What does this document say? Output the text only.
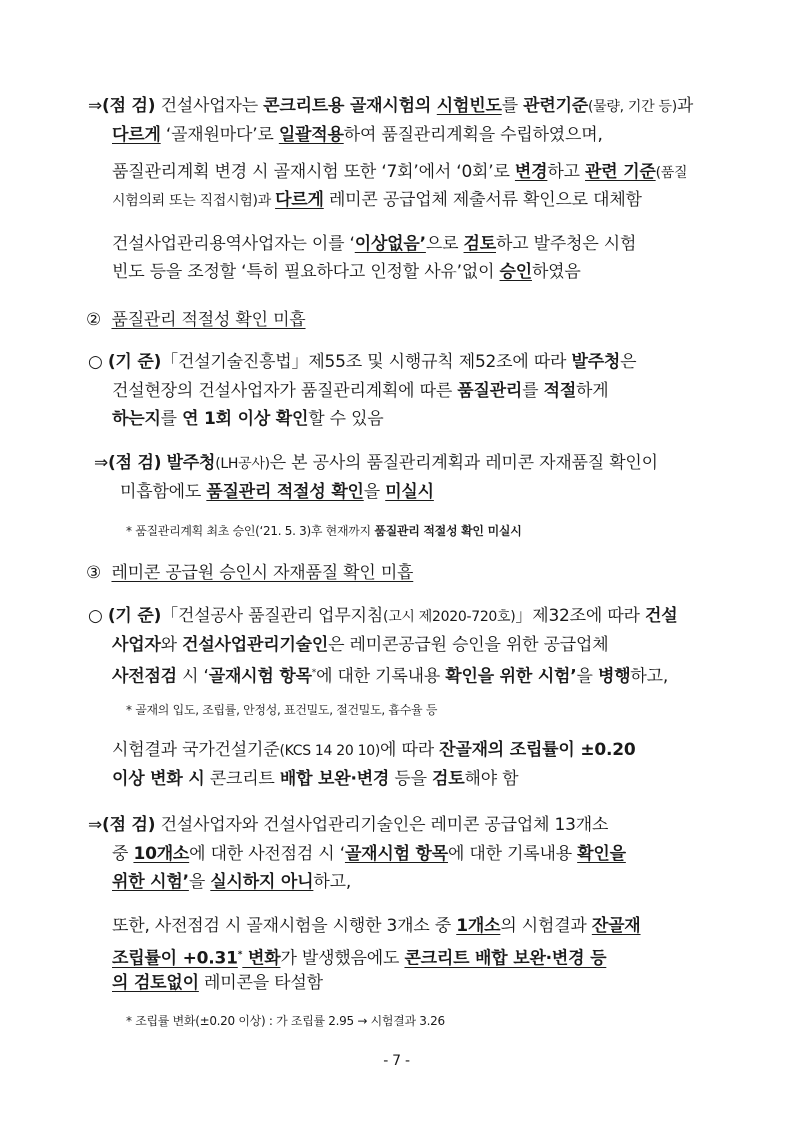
⇒(점 검) 건설사업자는 콘크리트용 골재시험의 시험빈도를 관련기준(물량, 기간 등)과
다르게 ‘골재원마다’로 일괄적용하여 품질관리계획을 수립하였으며,
품질관리계획 변경 시 골재시험 또한 ‘7회’에서 ‘0회’로 변경하고 관련 기준(품질
시험의뢰 또는 직접시험)과 다르게 레미콘 공급업체 제출서류 확인으로 대체함
건설사업관리용역사업자는 이를 ‘이상없음’으로 검토하고 발주청은 시험
빈도 등을 조정할 ‘특히 필요하다고 인정할 사유’없이 승인하였음
② 품질관리 적절성 확인 미흡
○ (기 준)「건설기술진흥법」제55조 및 시행규칙 제52조에 따라 발주청은
건설현장의 건설사업자가 품질관리계획에 따른 품질관리를 적절하게
하는지를 연 1회 이상 확인할 수 있음
⇒(점 검) 발주청(LH공사)은 본 공사의 품질관리계획과 레미콘 자재품질 확인이
미흡함에도 품질관리 적절성 확인을 미실시
* 품질관리계획 최초 승인(‘21. 5. 3)후 현재까지 품질관리 적절성 확인 미실시
③ 레미콘 공급원 승인시 자재품질 확인 미흡
○ (기 준)「건설공사 품질관리 업무지침(고시 제2020-720호)」제32조에 따라 건설
사업자와 건설사업관리기술인은 레미콘공급원 승인을 위한 공급업체
사전점검 시 ‘골재시험 항목*에 대한 기록내용 확인을 위한 시험’을 병행하고,
* 골재의 입도, 조립률, 안정성, 표건밀도, 절건밀도, 흡수율 등
시험결과 국가건설기준(KCS 14 20 10)에 따라 잔골재의 조립률이 ±0.20
이상 변화 시 콘크리트 배합 보완·변경 등을 검토해야 함
⇒(점 검) 건설사업자와 건설사업관리기술인은 레미콘 공급업체 13개소
중 10개소에 대한 사전점검 시 ‘골재시험 항목에 대한 기록내용 확인을
위한 시험’을 실시하지 아니하고,
또한, 사전점검 시 골재시험을 시행한 3개소 중 1개소의 시험결과 잔골재
조립률이 +0.31* 변화가 발생했음에도 콘크리트 배합 보완·변경 등
의 검토없이 레미콘을 타설함
* 조립률 변화(±0.20 이상) : 가 조립률 2.95 → 시험결과 3.26
- 7 -
